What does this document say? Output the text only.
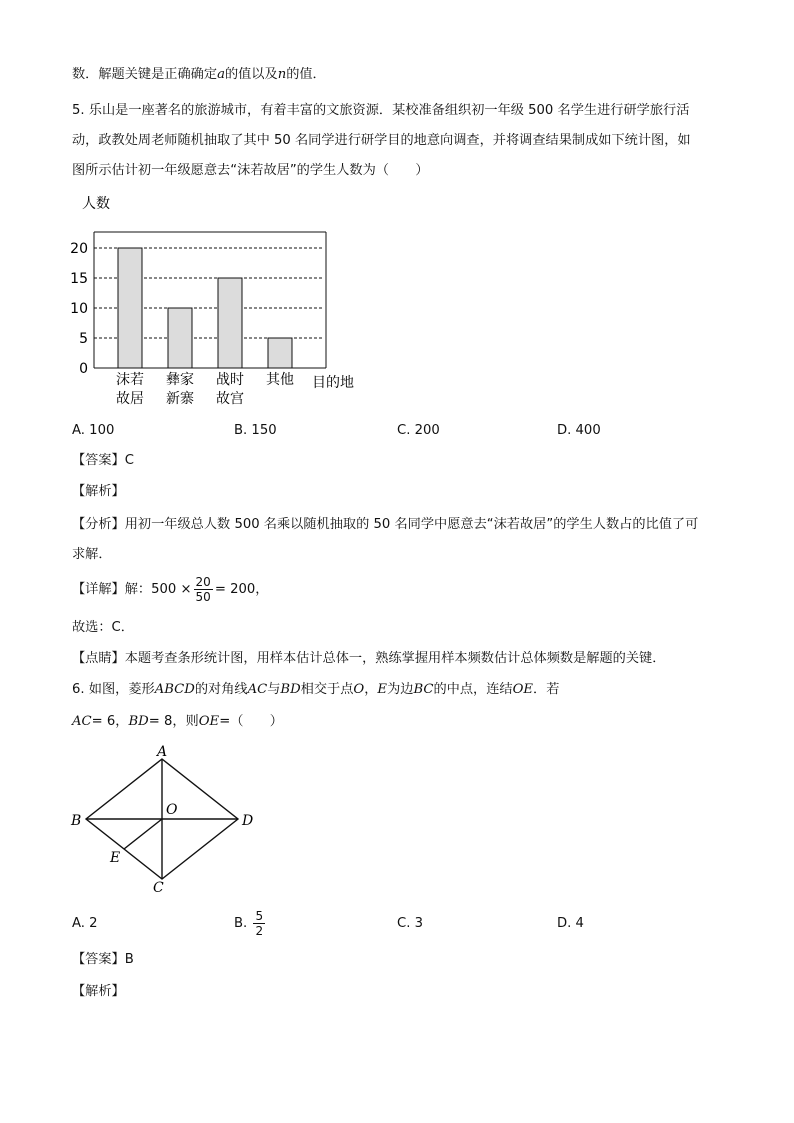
数．解题关键是正确确定a的值以及n的值．
5. 乐山是一座著名的旅游城市，有着丰富的文旅资源．某校准备组织初一年级 500 名学生进行研学旅行活
动，政教处周老师随机抽取了其中 50 名同学进行研学目的地意向调查，并将调查结果制成如下统计图，如
图所示估计初一年级愿意去“沫若故居”的学生人数为（　　）
人数
0
5
10
15
20
沫若
故居
彝家
新寨
战时
故宫
其他 目的地
A. 100	B. 150	C. 200	D. 400
【答案】C
【解析】
【分析】用初一年级总人数 500 名乘以随机抽取的 50 名同学中愿意去“沫若故居”的学生人数占的比值了可
求解．
【详解】解：$500 \times \frac{20}{50} = 200$，
故选：C．
【点睛】本题考查条形统计图，用样本估计总体一，熟练掌握用样本频数估计总体频数是解题的关键．
6. 如图，菱形ABCD的对角线AC与BD相交于点O，E为边BC的中点，连结OE．若
AC= 6，BD= 8，则OE=（　　）
A
B
C
D
O
E
A. 2	B. $\frac{5}{2}$	C. 3	D. 4
【答案】B
【解析】
